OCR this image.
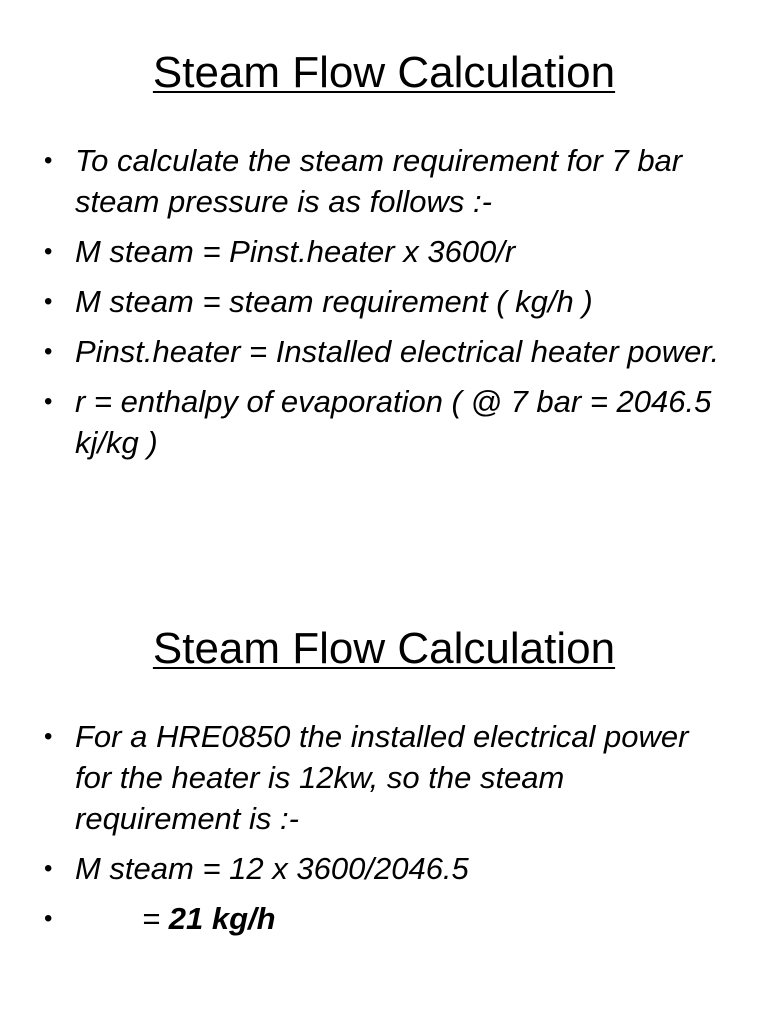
Steam Flow Calculation
• To calculate the steam requirement for 7 bar steam pressure is as follows :-
• M steam = Pinst.heater x 3600/r
• M steam = steam requirement ( kg/h )
• Pinst.heater = Installed electrical heater power.
• r = enthalpy of evaporation ( @ 7 bar = 2046.5 kj/kg )
Steam Flow Calculation
• For a HRE0850 the installed electrical power for the heater is 12kw, so the steam requirement is :-
• M steam = 12 x 3600/2046.5
•	= 21 kg/h
